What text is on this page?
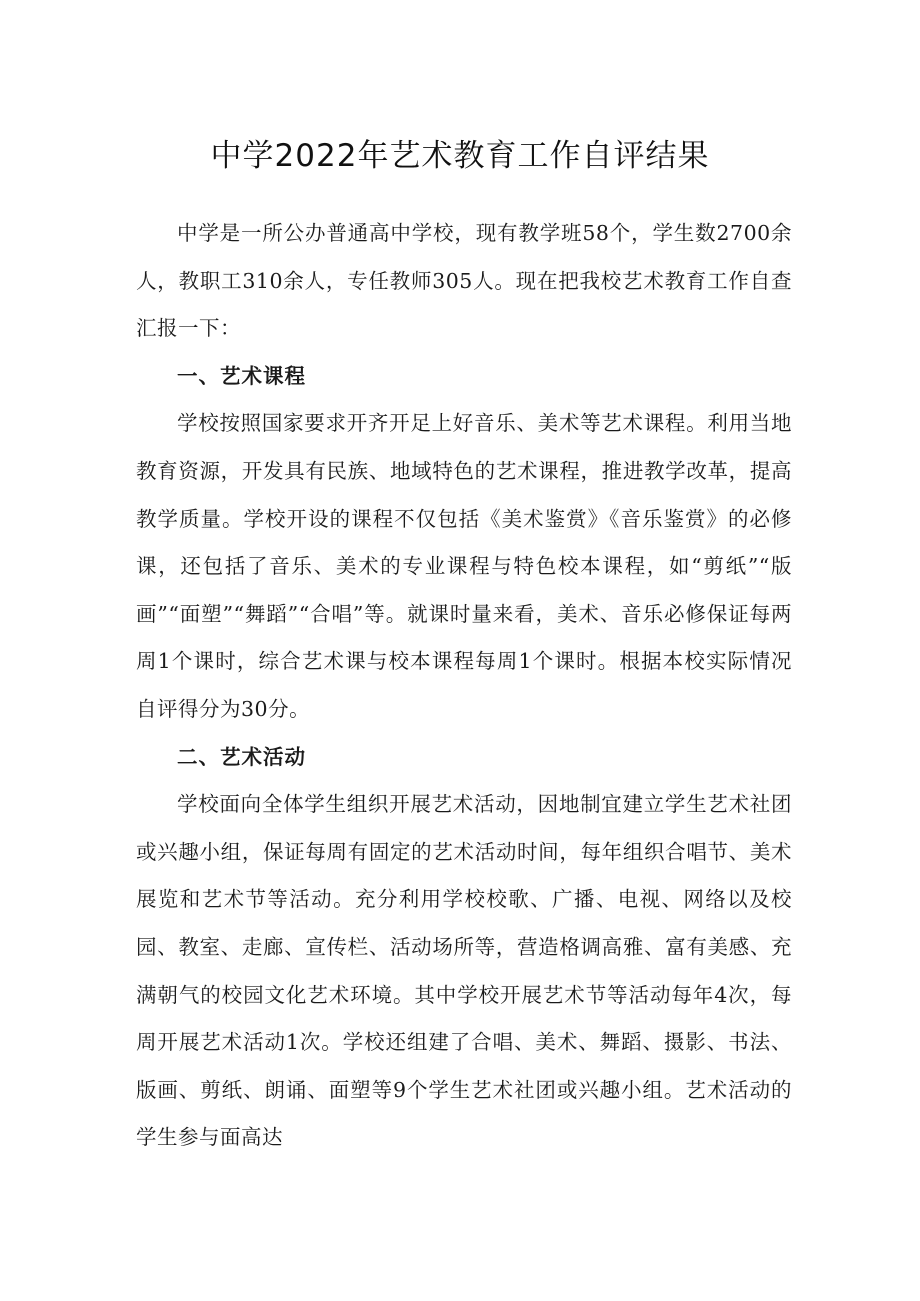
中学2022年艺术教育工作自评结果

中学是一所公办普通高中学校，现有教学班58个，学生数2700余人，教职工310余人，专任教师305人。现在把我校艺术教育工作自查汇报一下：

一、艺术课程

学校按照国家要求开齐开足上好音乐、美术等艺术课程。利用当地教育资源，开发具有民族、地域特色的艺术课程，推进教学改革，提高教学质量。学校开设的课程不仅包括《美术鉴赏》《音乐鉴赏》的必修课，还包括了音乐、美术的专业课程与特色校本课程，如“剪纸”“版画”“面塑”“舞蹈”“合唱”等。就课时量来看，美术、音乐必修保证每两周1个课时，综合艺术课与校本课程每周1个课时。根据本校实际情况自评得分为30分。

二、艺术活动

学校面向全体学生组织开展艺术活动，因地制宜建立学生艺术社团或兴趣小组，保证每周有固定的艺术活动时间，每年组织合唱节、美术展览和艺术节等活动。充分利用学校校歌、广播、电视、网络以及校园、教室、走廊、宣传栏、活动场所等，营造格调高雅、富有美感、充满朝气的校园文化艺术环境。其中学校开展艺术节等活动每年4次，每周开展艺术活动1次。学校还组建了合唱、美术、舞蹈、摄影、书法、版画、剪纸、朗诵、面塑等9个学生艺术社团或兴趣小组。艺术活动的学生参与面高达
